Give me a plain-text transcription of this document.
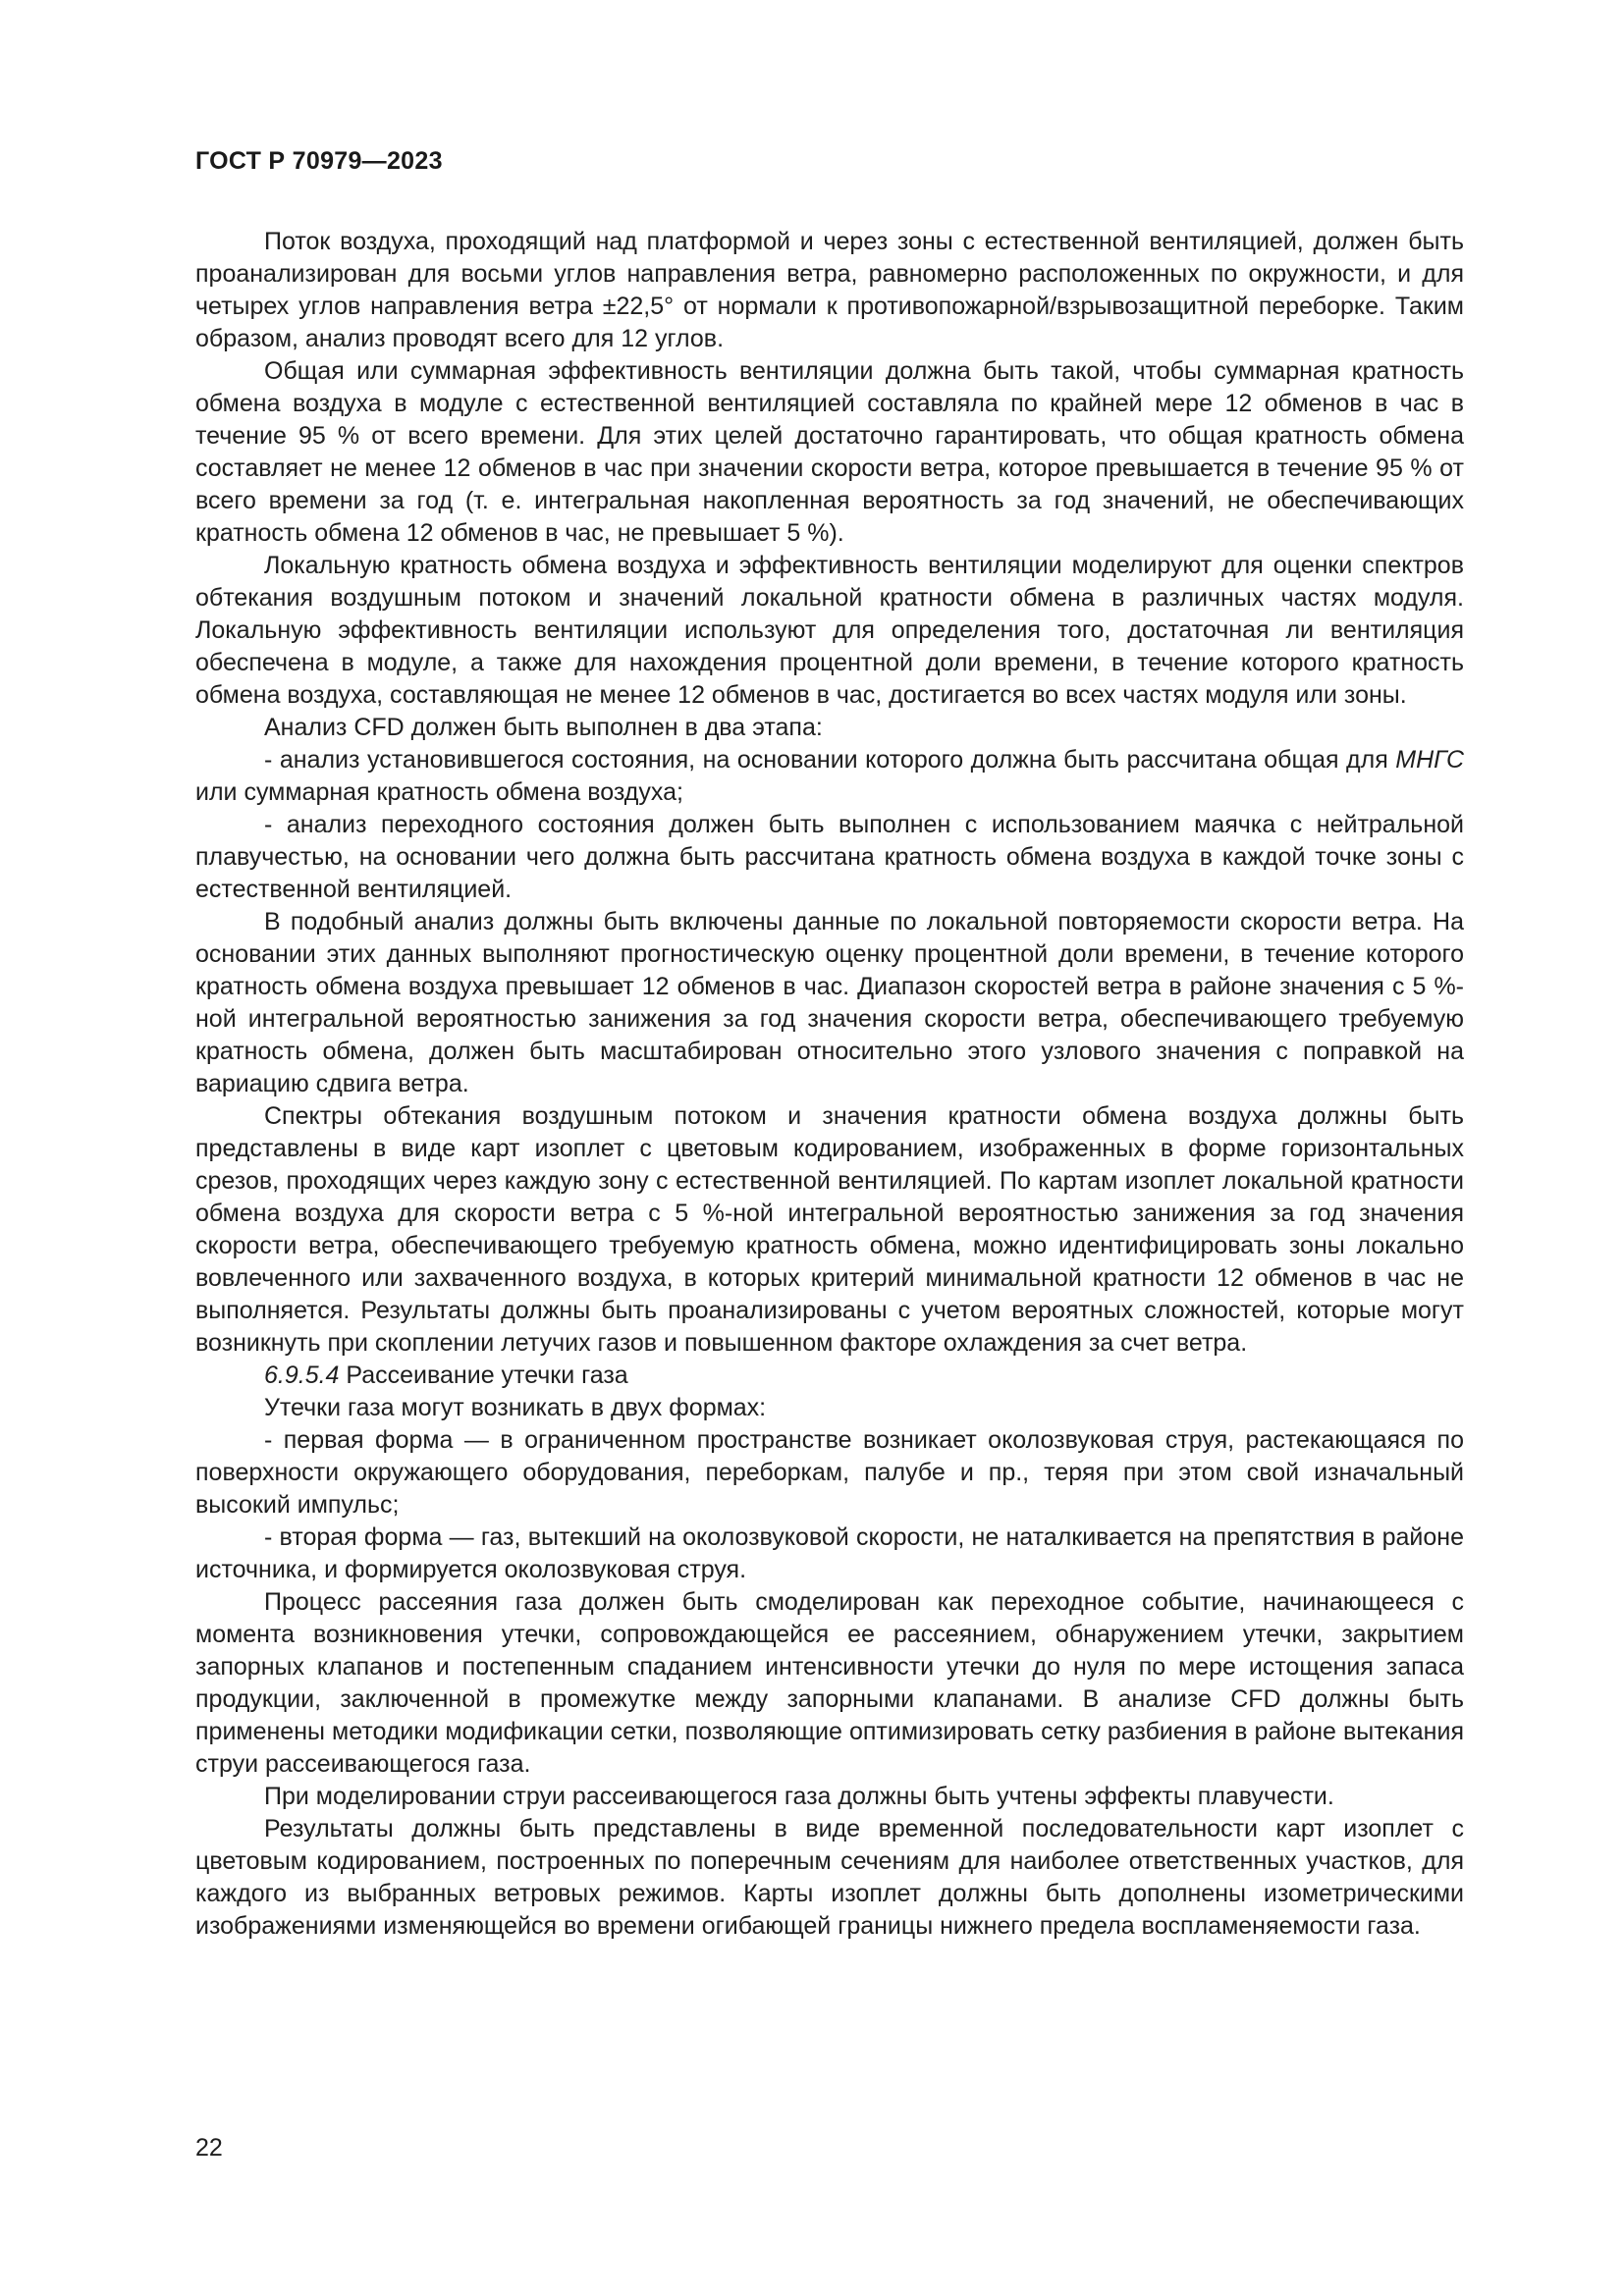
ГОСТ Р 70979—2023

Поток воздуха, проходящий над платформой и через зоны с естественной вентиляцией, должен быть проанализирован для восьми углов направления ветра, равномерно расположенных по окружности, и для четырех углов направления ветра ±22,5° от нормали к противопожарной/взрывозащитной переборке. Таким образом, анализ проводят всего для 12 углов.

Общая или суммарная эффективность вентиляции должна быть такой, чтобы суммарная кратность обмена воздуха в модуле с естественной вентиляцией составляла по крайней мере 12 обменов в час в течение 95 % от всего времени. Для этих целей достаточно гарантировать, что общая кратность обмена составляет не менее 12 обменов в час при значении скорости ветра, которое превышается в течение 95 % от всего времени за год (т. е. интегральная накопленная вероятность за год значений, не обеспечивающих кратность обмена 12 обменов в час, не превышает 5 %).

Локальную кратность обмена воздуха и эффективность вентиляции моделируют для оценки спектров обтекания воздушным потоком и значений локальной кратности обмена в различных частях модуля. Локальную эффективность вентиляции используют для определения того, достаточная ли вентиляция обеспечена в модуле, а также для нахождения процентной доли времени, в течение которого кратность обмена воздуха, составляющая не менее 12 обменов в час, достигается во всех частях модуля или зоны.

Анализ CFD должен быть выполнен в два этапа:

- анализ установившегося состояния, на основании которого должна быть рассчитана общая для МНГС или суммарная кратность обмена воздуха;

- анализ переходного состояния должен быть выполнен с использованием маячка с нейтральной плавучестью, на основании чего должна быть рассчитана кратность обмена воздуха в каждой точке зоны с естественной вентиляцией.

В подобный анализ должны быть включены данные по локальной повторяемости скорости ветра. На основании этих данных выполняют прогностическую оценку процентной доли времени, в течение которого кратность обмена воздуха превышает 12 обменов в час. Диапазон скоростей ветра в районе значения с 5 %-ной интегральной вероятностью занижения за год значения скорости ветра, обеспечивающего требуемую кратность обмена, должен быть масштабирован относительно этого узлового значения с поправкой на вариацию сдвига ветра.

Спектры обтекания воздушным потоком и значения кратности обмена воздуха должны быть представлены в виде карт изоплет с цветовым кодированием, изображенных в форме горизонтальных срезов, проходящих через каждую зону с естественной вентиляцией. По картам изоплет локальной кратности обмена воздуха для скорости ветра с 5 %-ной интегральной вероятностью занижения за год значения скорости ветра, обеспечивающего требуемую кратность обмена, можно идентифицировать зоны локально вовлеченного или захваченного воздуха, в которых критерий минимальной кратности 12 обменов в час не выполняется. Результаты должны быть проанализированы с учетом вероятных сложностей, которые могут возникнуть при скоплении летучих газов и повышенном факторе охлаждения за счет ветра.

6.9.5.4 Рассеивание утечки газа

Утечки газа могут возникать в двух формах:

- первая форма — в ограниченном пространстве возникает околозвуковая струя, растекающаяся по поверхности окружающего оборудования, переборкам, палубе и пр., теряя при этом свой изначальный высокий импульс;

- вторая форма — газ, вытекший на околозвуковой скорости, не наталкивается на препятствия в районе источника, и формируется околозвуковая струя.

Процесс рассеяния газа должен быть смоделирован как переходное событие, начинающееся с момента возникновения утечки, сопровождающейся ее рассеянием, обнаружением утечки, закрытием запорных клапанов и постепенным спаданием интенсивности утечки до нуля по мере истощения запаса продукции, заключенной в промежутке между запорными клапанами. В анализе CFD должны быть применены методики модификации сетки, позволяющие оптимизировать сетку разбиения в районе вытекания струи рассеивающегося газа.

При моделировании струи рассеивающегося газа должны быть учтены эффекты плавучести.

Результаты должны быть представлены в виде временной последовательности карт изоплет с цветовым кодированием, построенных по поперечным сечениям для наиболее ответственных участков, для каждого из выбранных ветровых режимов. Карты изоплет должны быть дополнены изометрическими изображениями изменяющейся во времени огибающей границы нижнего предела воспламеняемости газа.

22
